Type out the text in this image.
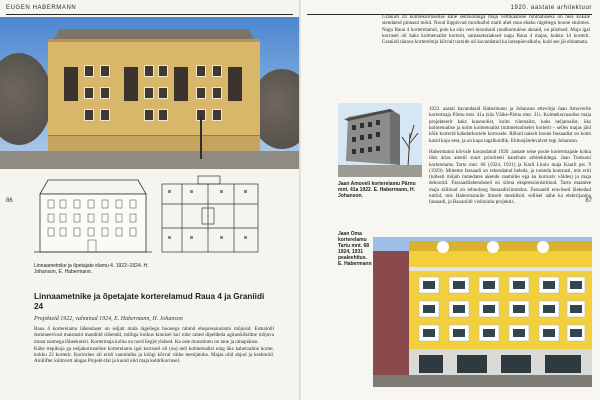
EUGEN HABERMANN
86
Linnaametnike ja õpetajate elamu 4. 1922–1924. H. Johanson, E. Habermann.
Linnaametnike ja õpetajate korterelamud Raua 4 ja Graniidi 24
Projekteid 1922, valminud 1924, E. Habermann, H. Johanson

Raua 4 korterelamu lähendaser on seljalt mida rägeliegu hoonega rahmd ehopressionismi mõjusid. Esmalolil domineerivad maistasid mandidd rühendd, milliga koikus kinnisel kui rohe rahed dipeldeda aginoskõkiltne mõjuva muna raamega lõheekoteri. Kortermaja kolita on nord liegid yhdsed. Ka oste muustinnu on tane ja rahapiänso.

Kähe trepikoja ga neljakorruseline korterelamu igal korrusel oli (on) neli kolmetoalist ning üks kahetoaline korter, kokku 22 korterit. Kortorites oli eridi vannitulba ja köögi kõrval väike teenijatuba. Majas olid ahjud ja keskmiid. Ainilifter külmvett alugas Projekt-tlal ja kuuid olid maja keldrikorrusel.

1920. aastate arhitektuur
Graniidi 24 kolmekorruselise kahe sektsiooniga maja vertikaalisse rühmatuseks on neis kokale siendamd pinnasd mõid. Nood lüppisvad morikarbd maiti ahel mua ebaku rägeliegu hoone stuiimes. Nagu Raua 4 korterelamul, pole ka siin veel moodsaid ruudkumuleus aknaid, on püstised. Maja igal korrusel oli kaks kolmetoalist korterit, samasetsaiaksed nagu Raua 4 majas, kokku 14 korterit. Graniidi tänava korterelmja kõrvalt tarnide oli kavandatud ka larsepäevalkulu, kuid see jäi ehitamata.
Jaan Amoveli korterelamu Pärnu mnt. 41a 1922. E. Habermann, H. Johanson.

1922. aastal kavandasid Habermann ja Johanson ettevõtja Jaan Amoverile kortermaja Pärnu mnt. 41a (siis Väike-Pärnu mnt. 31). Kolmekorruselise maja projekteerit kaks kuueuolist, kolm viietoalist, kaks neljatoalist, üks kolmetoalise ja kolm kolmetoalist (mitmetoalisele) korterit – selles majas jäid kõik korterid kahelarkortele korrusele. Rõhud naiselt hoone fassaadist on kolm kasid kuju eest, ja on kapa tagalhoidlik. Ehitusjärelevalvet tegi Johanson.

Habermanni kõrvale kavandatud 1920. aastate teise poole kortermajade kohta ühis ärias ametil suurt prioriteeti kandvate arhitektidega. Jaan Tomsoni korterelamu Tartu mnt. 68 (1924, 1931) ja Karli Liiolo maja Kaarli pst. 9 (1929). Mitteme fassaadi on rekendatud heleda, ja tumeda kontrasti, mis eriti (tullesti mõjub tumedates akende raamides ega ka korrusiv võldes) ja maja dekoorid. Fassaadilahendused on silma ekspressionistlikud. Tartu maantee maja säilinud on tehnoloog fassaadiviimistlus. Fassaadil eraviised ülekedad tuttiid, mis Habermannile ilmselt meeldisid. sellisel nähe ka elektrijaama fassaadi, ja Rauaniidi visihoinlu projektis.	87
Jaan Oma korterelamu Tartu mnt. 68 1924, 1931 pealeehitus. E. Habermann
